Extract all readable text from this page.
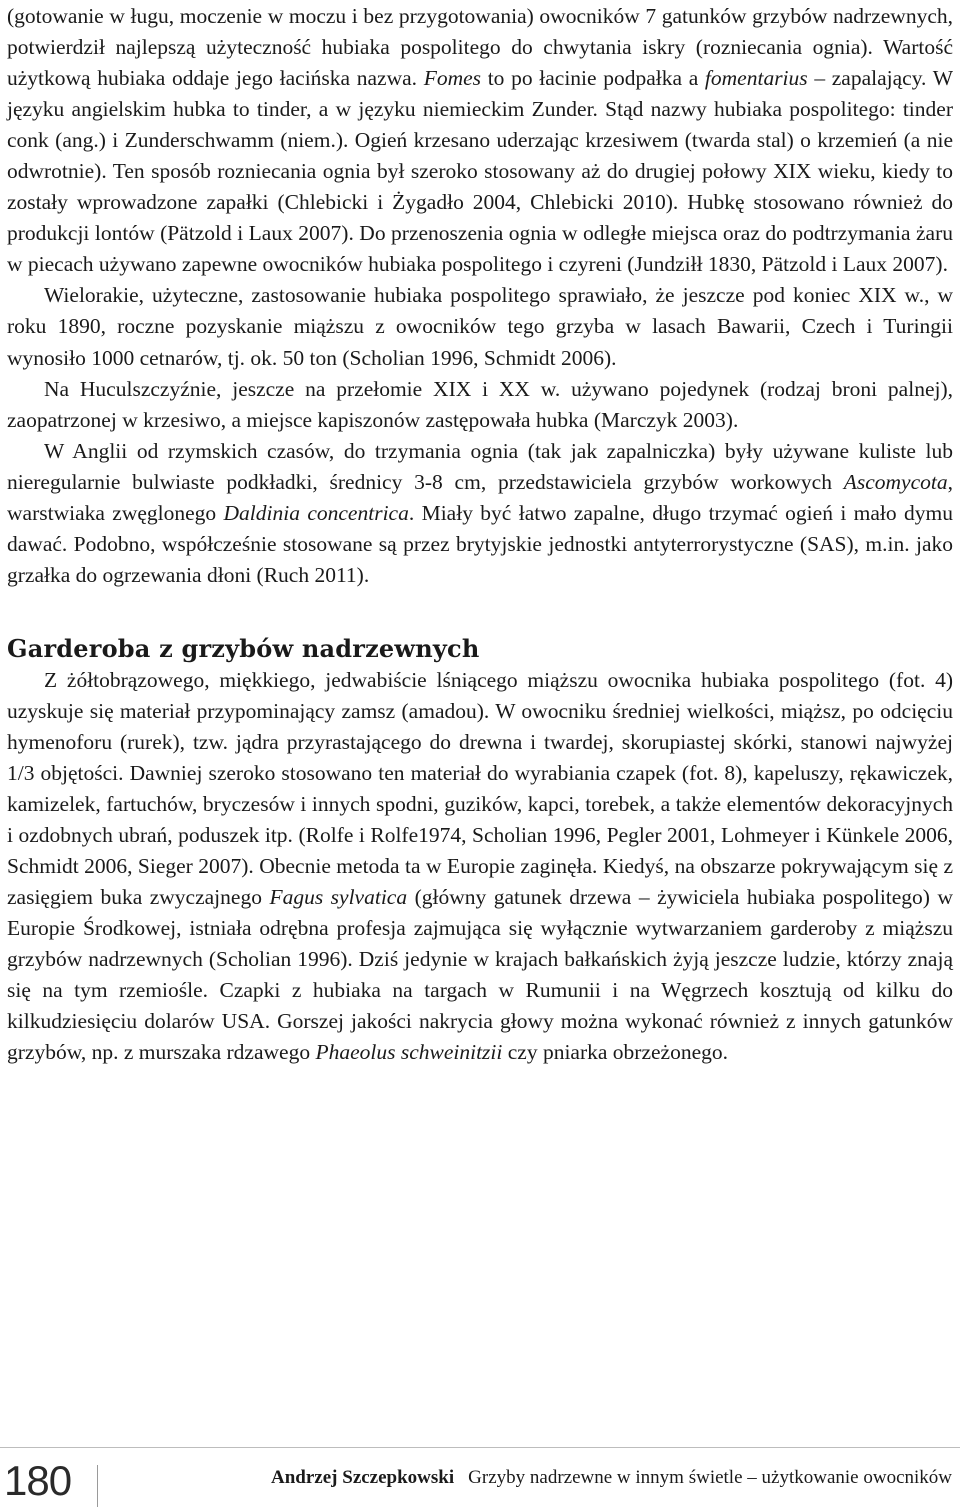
(gotowanie w ługu, moczenie w moczu i bez przygotowania) owocników 7 gatunków grzybów nadrzewnych, potwierdził najlepszą użyteczność hubiaka pospolitego do chwytania iskry (rozniecania ognia). Wartość użytkową hubiaka oddaje jego łacińska nazwa. Fomes to po łacinie podpałka a fomentarius – zapalający. W języku angielskim hubka to tinder, a w języku niemieckim Zunder. Stąd nazwy hubiaka pospolitego: tinder conk (ang.) i Zunderschwamm (niem.). Ogień krzesano uderzając krzesiwem (twarda stal) o krzemień (a nie odwrotnie). Ten sposób rozniecania ognia był szeroko stosowany aż do drugiej połowy XIX wieku, kiedy to zostały wprowadzone zapałki (Chlebicki i Żygadło 2004, Chlebicki 2010). Hubkę stosowano również do produkcji lontów (Pätzold i Laux 2007). Do przenoszenia ognia w odległe miejsca oraz do podtrzymania żaru w piecach używano zapewne owocników hubiaka pospolitego i czyreni (Jundziłł 1830, Pätzold i Laux 2007).

Wielorakie, użyteczne, zastosowanie hubiaka pospolitego sprawiało, że jeszcze pod koniec XIX w., w roku 1890, roczne pozyskanie miąższu z owocników tego grzyba w lasach Bawarii, Czech i Turingii wynosiło 1000 cetnarów, tj. ok. 50 ton (Scholian 1996, Schmidt 2006).

Na Huculszczyźnie, jeszcze na przełomie XIX i XX w. używano pojedynek (rodzaj broni palnej), zaopatrzonej w krzesiwo, a miejsce kapiszonów zastępowała hubka (Marczyk 2003).

W Anglii od rzymskich czasów, do trzymania ognia (tak jak zapalniczka) były używane kuliste lub nieregularnie bulwiaste podkładki, średnicy 3-8 cm, przedstawiciela grzybów workowych Ascomycota, warstwiaka zwęglonego Daldinia concentrica. Miały być łatwo zapalne, długo trzymać ogień i mało dymu dawać. Podobno, współcześnie stosowane są przez brytyjskie jednostki antyterrorystyczne (SAS), m.in. jako grzałka do ogrzewania dłoni (Ruch 2011).

Garderoba z grzybów nadrzewnych

Z żółtobrązowego, miękkiego, jedwabiście lśniącego miąższu owocnika hubiaka pospolitego (fot. 4) uzyskuje się materiał przypominający zamsz (amadou). W owocniku średniej wielkości, miąższ, po odcięciu hymenoforu (rurek), tzw. jądra przyrastającego do drewna i twardej, skorupiastej skórki, stanowi najwyżej 1/3 objętości. Dawniej szeroko stosowano ten materiał do wyrabiania czapek (fot. 8), kapeluszy, rękawiczek, kamizelek, fartuchów, bryczesów i innych spodni, guzików, kapci, torebek, a także elementów dekoracyjnych i ozdobnych ubrań, poduszek itp. (Rolfe i Rolfe1974, Scholian 1996, Pegler 2001, Lohmeyer i Künkele 2006, Schmidt 2006, Sieger 2007). Obecnie metoda ta w Europie zaginęła. Kiedyś, na obszarze pokrywającym się z zasięgiem buka zwyczajnego Fagus sylvatica (główny gatunek drzewa – żywiciela hubiaka pospolitego) w Europie Środkowej, istniała odrębna profesja zajmująca się wyłącznie wytwarzaniem garderoby z miąższu grzybów nadrzewnych (Scholian 1996). Dziś jedynie w krajach bałkańskich żyją jeszcze ludzie, którzy znają się na tym rzemiośle. Czapki z hubiaka na targach w Rumunii i na Węgrzech kosztują od kilku do kilkudziesięciu dolarów USA. Gorszej jakości nakrycia głowy można wykonać również z innych gatunków grzybów, np. z murszaka rdzawego Phaeolus schweinitzii czy pniarka obrzeżonego.

180	Andrzej Szczepkowski Grzyby nadrzewne w innym świetle – użytkowanie owocników
